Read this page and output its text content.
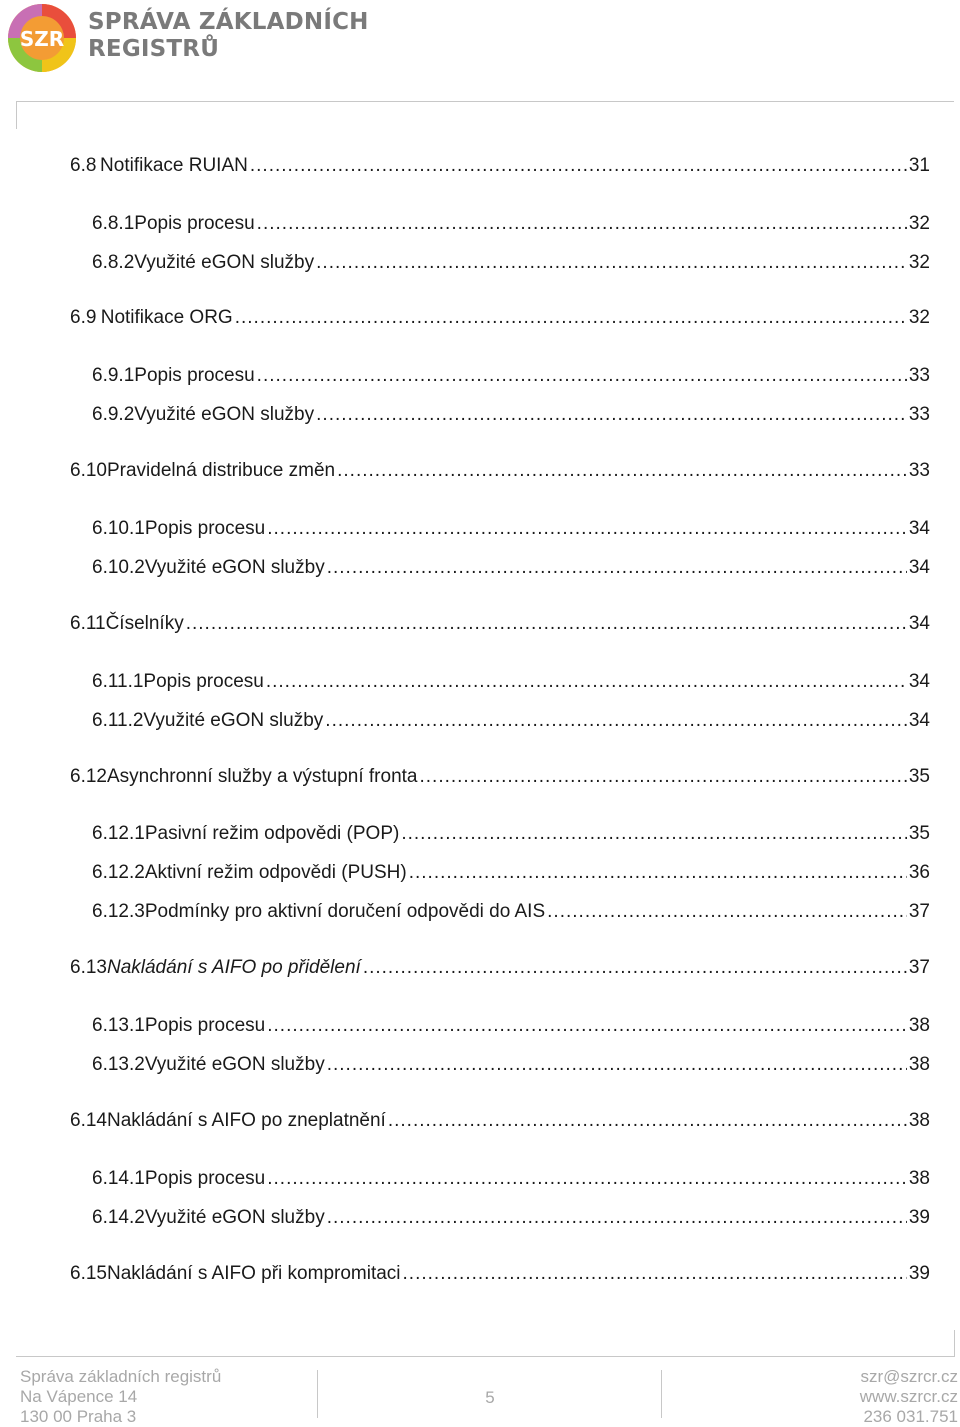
SZR
SPRÁVA ZÁKLADNÍCH
REGISTRŮ
6.8 Notifikace RUIAN .....	31
6.8.1 Popis procesu .....	32
6.8.2 Využité eGON služby .....	32
6.9 Notifikace ORG .....	32
6.9.1 Popis procesu .....	33
6.9.2 Využité eGON služby .....	33
6.10 Pravidelná distribuce změn .....	33
6.10.1 Popis procesu .....	34
6.10.2 Využité eGON služby .....	34
6.11 Číselníky .....	34
6.11.1 Popis procesu .....	34
6.11.2 Využité eGON služby .....	34
6.12 Asynchronní služby a výstupní fronta .....	35
6.12.1 Pasivní režim odpovědi (POP) .....	35
6.12.2 Aktivní režim odpovědi (PUSH) .....	36
6.12.3 Podmínky pro aktivní doručení odpovědi do AIS .....	37
6.13 Nakládání s AIFO po přidělení .....	37
6.13.1 Popis procesu .....	38
6.13.2 Využité eGON služby .....	38
6.14 Nakládání s AIFO po zneplatnění .....	38
6.14.1 Popis procesu .....	38
6.14.2 Využité eGON služby .....	39
6.15 Nakládání s AIFO při kompromitaci .....	39
Správa základních registrů
Na Vápence 14
130 00 Praha 3
5
szr@szrcr.cz
www.szrcr.cz
236 031.751
